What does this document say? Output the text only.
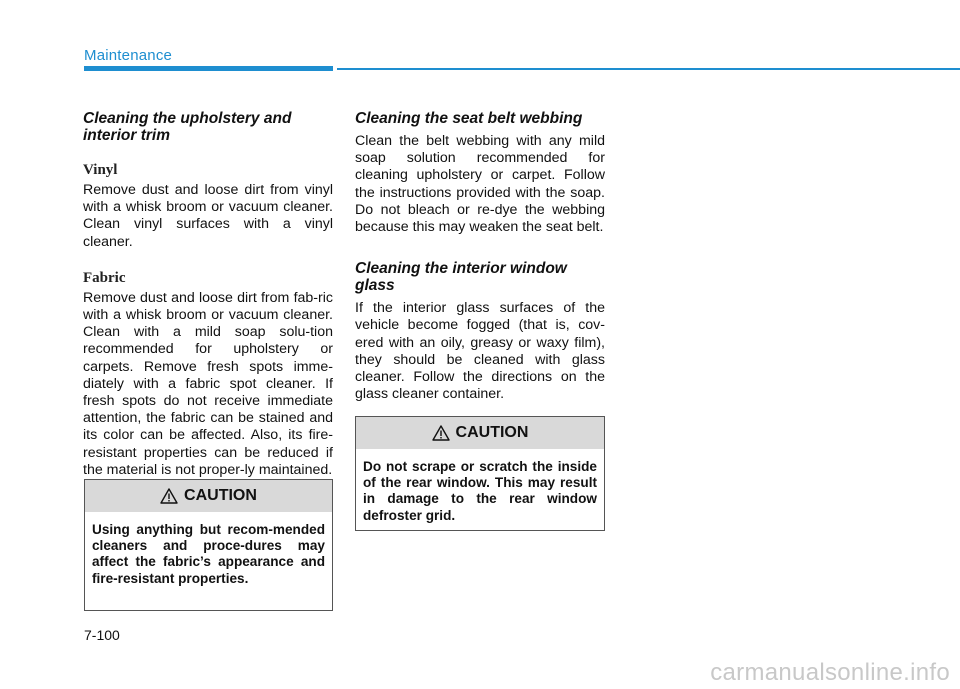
Maintenance
Cleaning the upholstery and interior trim
Vinyl

Remove dust and loose dirt from vinyl with a whisk broom or vacuum cleaner. Clean vinyl surfaces with a vinyl cleaner.

Fabric

Remove dust and loose dirt from fab-ric with a whisk broom or vacuum cleaner. Clean with a mild soap solu-tion recommended for upholstery or carpets. Remove fresh spots imme-diately with a fabric spot cleaner. If fresh spots do not receive immediate attention, the fabric can be stained and its color can be affected. Also, its fire-resistant properties can be reduced if the material is not proper-ly maintained.

CAUTION
Using anything but recom-mended cleaners and proce-dures may affect the fabric’s appearance and fire-resistant properties.
Cleaning the seat belt webbing

Clean the belt webbing with any mild soap solution recommended for cleaning upholstery or carpet. Follow the instructions provided with the soap. Do not bleach or re-dye the webbing because this may weaken the seat belt.

Cleaning the interior window glass

If the interior glass surfaces of the vehicle become fogged (that is, cov-ered with an oily, greasy or waxy film), they should be cleaned with glass cleaner. Follow the directions on the glass cleaner container.

CAUTION
Do not scrape or scratch the inside of the rear window. This may result in damage to the rear window defroster grid.
7-100
carmanualsonline.info
